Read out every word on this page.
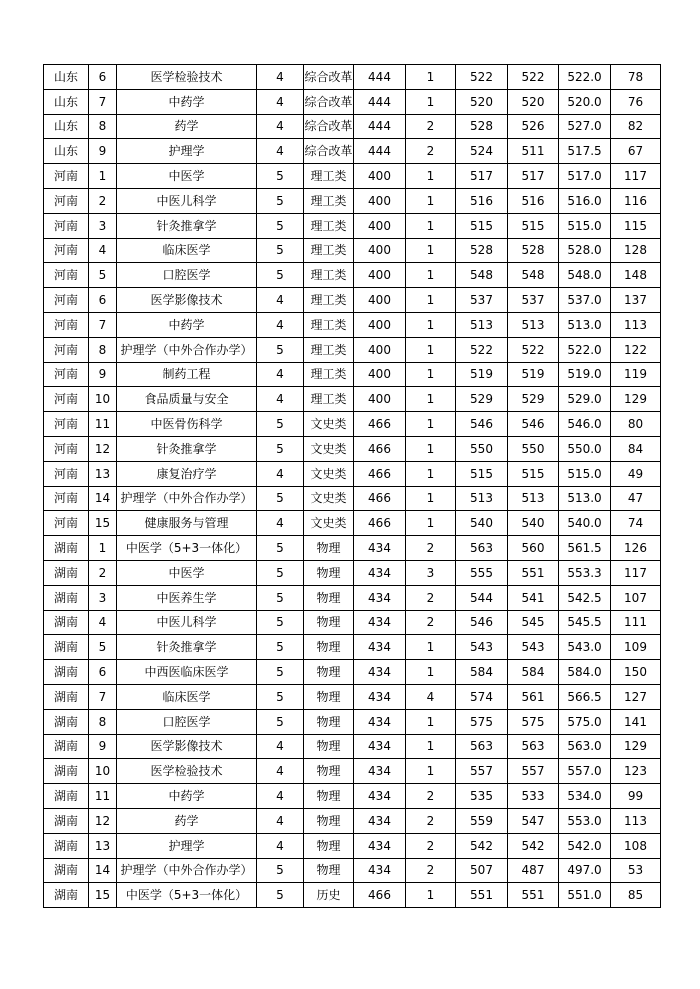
山东	6	医学检验技术	4	综合改革	444	1	522	522	522.0	78
山东	7	中药学	4	综合改革	444	1	520	520	520.0	76
山东	8	药学	4	综合改革	444	2	528	526	527.0	82
山东	9	护理学	4	综合改革	444	2	524	511	517.5	67
河南	1	中医学	5	理工类	400	1	517	517	517.0	117
河南	2	中医儿科学	5	理工类	400	1	516	516	516.0	116
河南	3	针灸推拿学	5	理工类	400	1	515	515	515.0	115
河南	4	临床医学	5	理工类	400	1	528	528	528.0	128
河南	5	口腔医学	5	理工类	400	1	548	548	548.0	148
河南	6	医学影像技术	4	理工类	400	1	537	537	537.0	137
河南	7	中药学	4	理工类	400	1	513	513	513.0	113
河南	8	护理学（中外合作办学）	5	理工类	400	1	522	522	522.0	122
河南	9	制药工程	4	理工类	400	1	519	519	519.0	119
河南	10	食品质量与安全	4	理工类	400	1	529	529	529.0	129
河南	11	中医骨伤科学	5	文史类	466	1	546	546	546.0	80
河南	12	针灸推拿学	5	文史类	466	1	550	550	550.0	84
河南	13	康复治疗学	4	文史类	466	1	515	515	515.0	49
河南	14	护理学（中外合作办学）	5	文史类	466	1	513	513	513.0	47
河南	15	健康服务与管理	4	文史类	466	1	540	540	540.0	74
湖南	1	中医学（5+3一体化）	5	物理	434	2	563	560	561.5	126
湖南	2	中医学	5	物理	434	3	555	551	553.3	117
湖南	3	中医养生学	5	物理	434	2	544	541	542.5	107
湖南	4	中医儿科学	5	物理	434	2	546	545	545.5	111
湖南	5	针灸推拿学	5	物理	434	1	543	543	543.0	109
湖南	6	中西医临床医学	5	物理	434	1	584	584	584.0	150
湖南	7	临床医学	5	物理	434	4	574	561	566.5	127
湖南	8	口腔医学	5	物理	434	1	575	575	575.0	141
湖南	9	医学影像技术	4	物理	434	1	563	563	563.0	129
湖南	10	医学检验技术	4	物理	434	1	557	557	557.0	123
湖南	11	中药学	4	物理	434	2	535	533	534.0	99
湖南	12	药学	4	物理	434	2	559	547	553.0	113
湖南	13	护理学	4	物理	434	2	542	542	542.0	108
湖南	14	护理学（中外合作办学）	5	物理	434	2	507	487	497.0	53
湖南	15	中医学（5+3一体化）	5	历史	466	1	551	551	551.0	85
